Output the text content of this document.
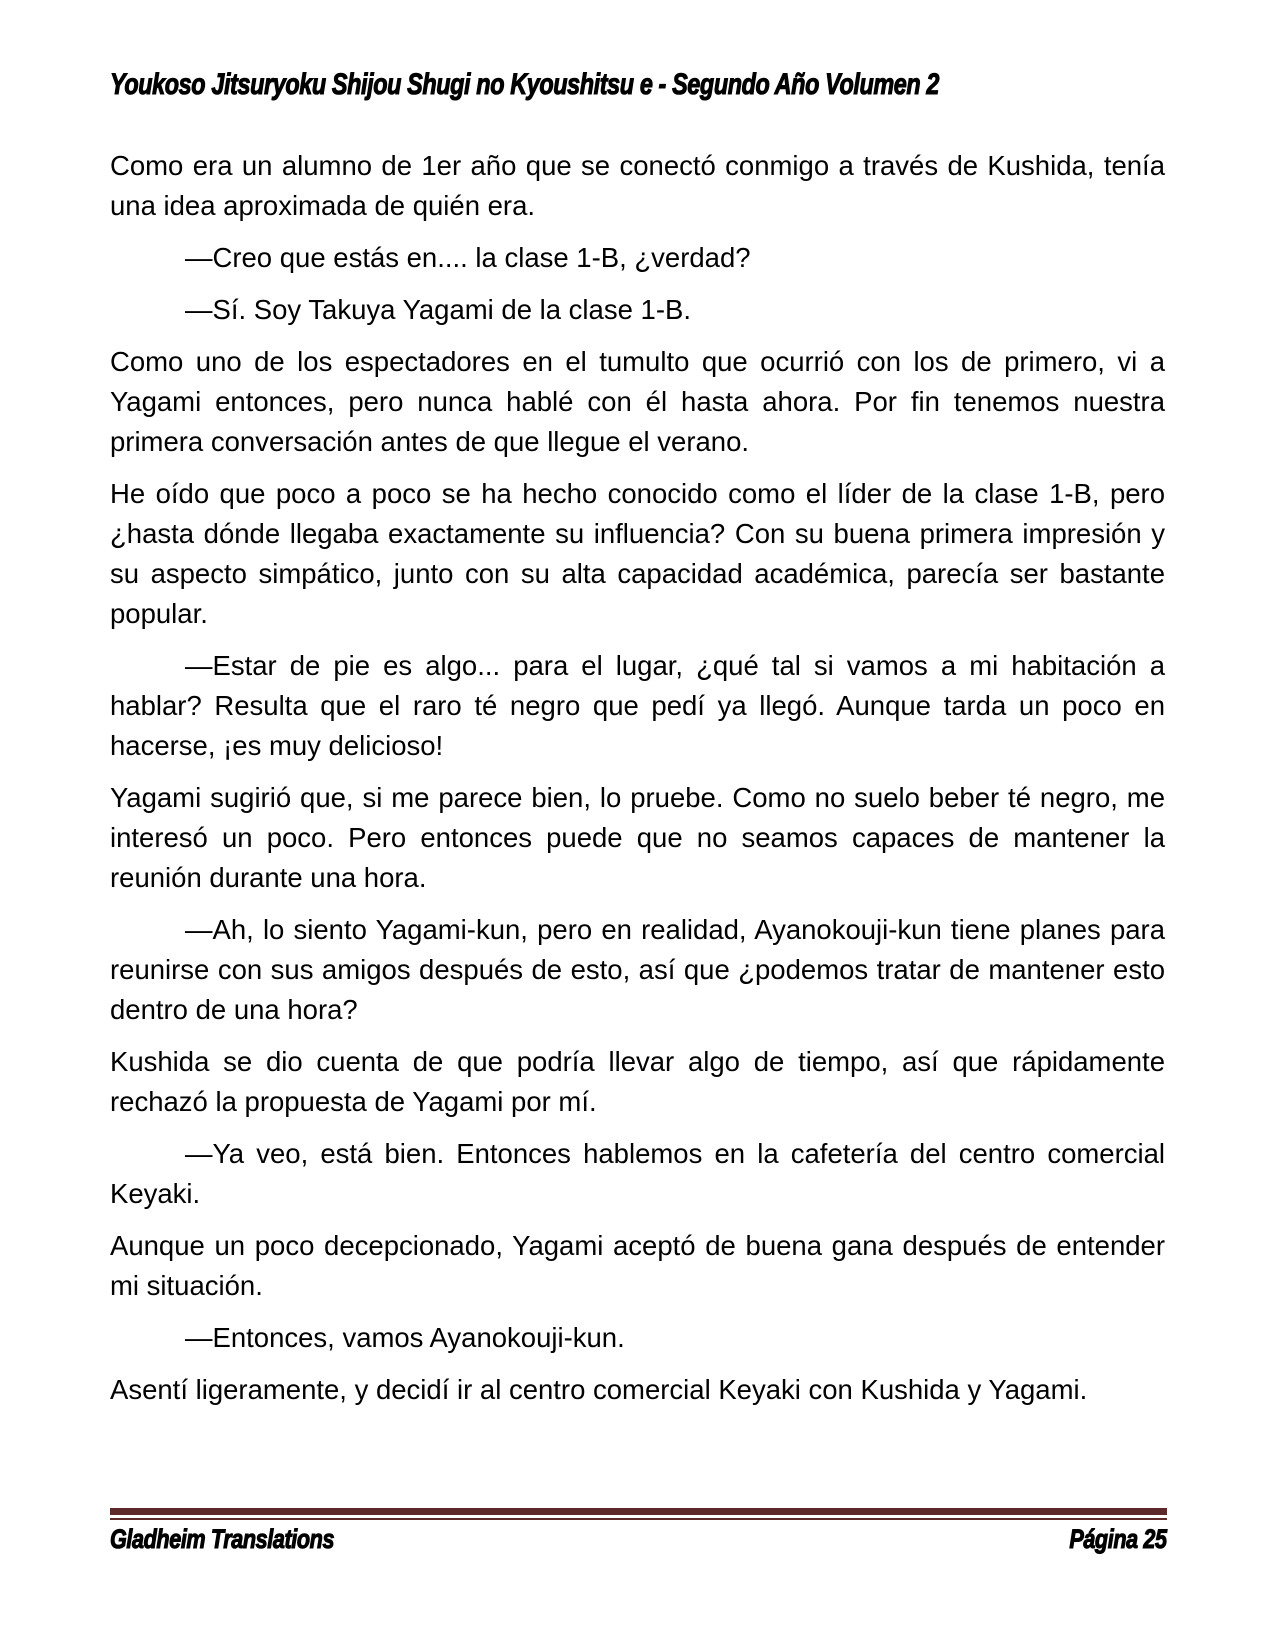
Youkoso Jitsuryoku Shijou Shugi no Kyoushitsu e - Segundo Año Volumen 2

Como era un alumno de 1er año que se conectó conmigo a través de Kushida, tenía una idea aproximada de quién era.

—Creo que estás en.... la clase 1-B, ¿verdad?

—Sí. Soy Takuya Yagami de la clase 1-B.

Como uno de los espectadores en el tumulto que ocurrió con los de primero, vi a Yagami entonces, pero nunca hablé con él hasta ahora. Por fin tenemos nuestra primera conversación antes de que llegue el verano.

He oído que poco a poco se ha hecho conocido como el líder de la clase 1-B, pero ¿hasta dónde llegaba exactamente su influencia? Con su buena primera impresión y su aspecto simpático, junto con su alta capacidad académica, parecía ser bastante popular.

—Estar de pie es algo... para el lugar, ¿qué tal si vamos a mi habitación a hablar? Resulta que el raro té negro que pedí ya llegó. Aunque tarda un poco en hacerse, ¡es muy delicioso!

Yagami sugirió que, si me parece bien, lo pruebe. Como no suelo beber té negro, me interesó un poco. Pero entonces puede que no seamos capaces de mantener la reunión durante una hora.

—Ah, lo siento Yagami-kun, pero en realidad, Ayanokouji-kun tiene planes para reunirse con sus amigos después de esto, así que ¿podemos tratar de mantener esto dentro de una hora?

Kushida se dio cuenta de que podría llevar algo de tiempo, así que rápidamente rechazó la propuesta de Yagami por mí.

—Ya veo, está bien. Entonces hablemos en la cafetería del centro comercial Keyaki.

Aunque un poco decepcionado, Yagami aceptó de buena gana después de entender mi situación.

—Entonces, vamos Ayanokouji-kun.

Asentí ligeramente, y decidí ir al centro comercial Keyaki con Kushida y Yagami.

Gladheim Translations	Página 25
